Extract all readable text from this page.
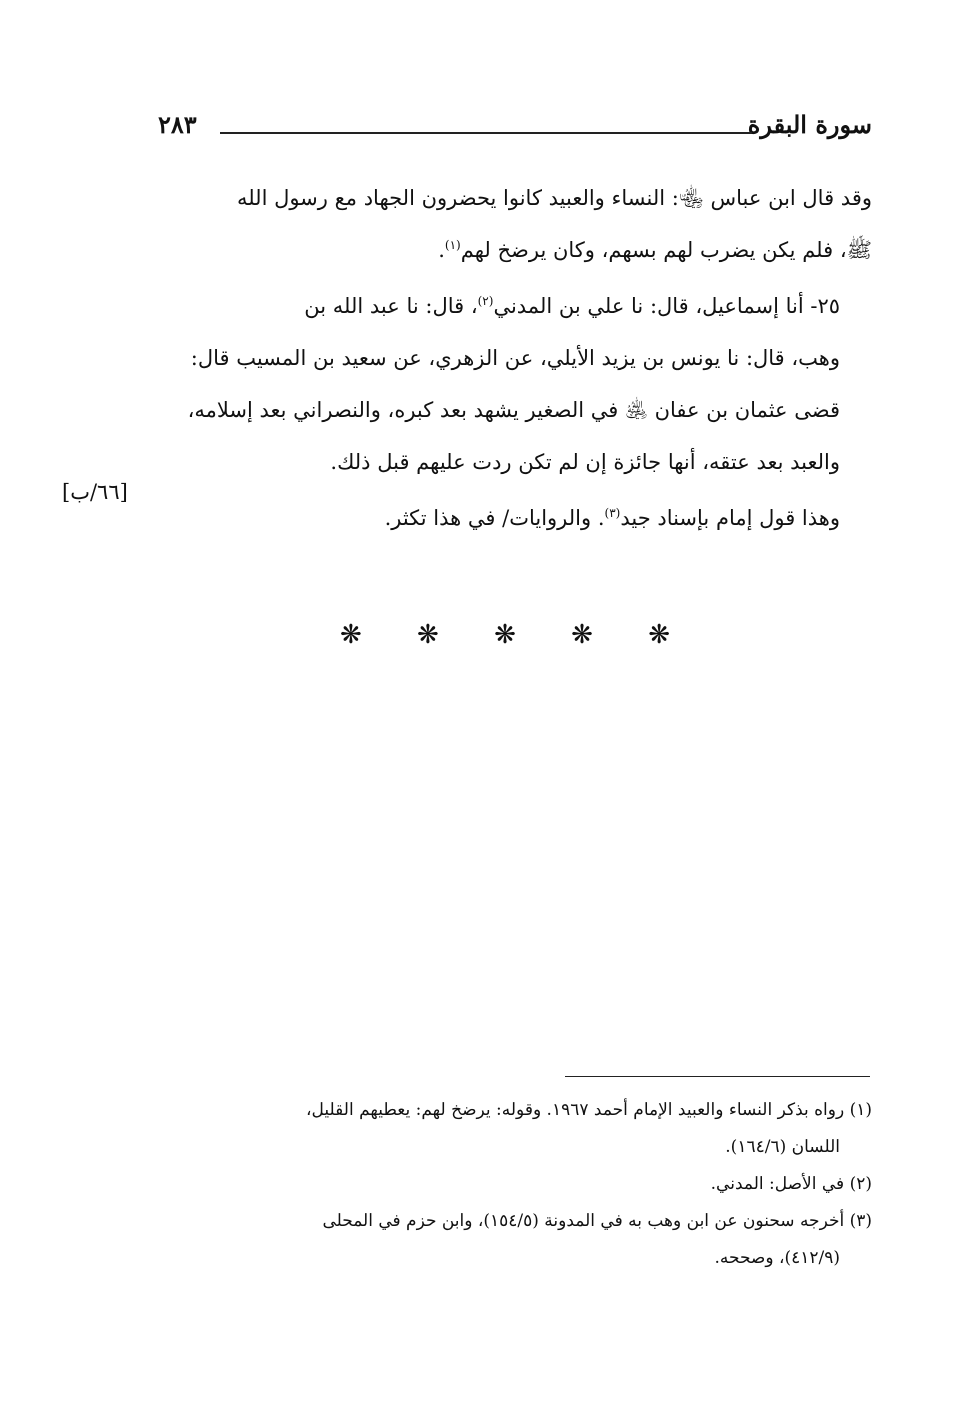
سورة البقرة
٢٨٣

وقد قال ابن عباس ﵄: النساء والعبيد كانوا يحضرون الجهاد مع رسول الله
ﷺ، فلم يكن يضرب لهم بسهم، وكان يرضخ لهم$^{(١)}$.

٢٥- أنا إسماعيل، قال: نا علي بن المدني$^{(٢)}$، قال: نا عبد الله بن
وهب، قال: نا يونس بن يزيد الأيلي، عن الزهري، عن سعيد بن المسيب قال:
قضى عثمان بن عفان ﵁ في الصغير يشهد بعد كبره، والنصراني بعد إسلامه،
والعبد بعد عتقه، أنها جائزة إن لم تكن ردت عليهم قبل ذلك.

وهذا قول إمام بإسناد جيد$^{(٣)}$. والروايات/ في هذا تكثر.

[٦٦/ب]
❋ ❋ ❋ ❋ ❋

(١) رواه بذكر النساء والعبيد الإمام أحمد ١٩٦٧. وقوله: يرضخ لهم: يعطيهم القليل،
اللسان (١٦٤/٦).

(٢) في الأصل: المدني.

(٣) أخرجه سحنون عن ابن وهب به في المدونة (١٥٤/٥)، وابن حزم في المحلى
(٤١٢/٩)، وصححه.
